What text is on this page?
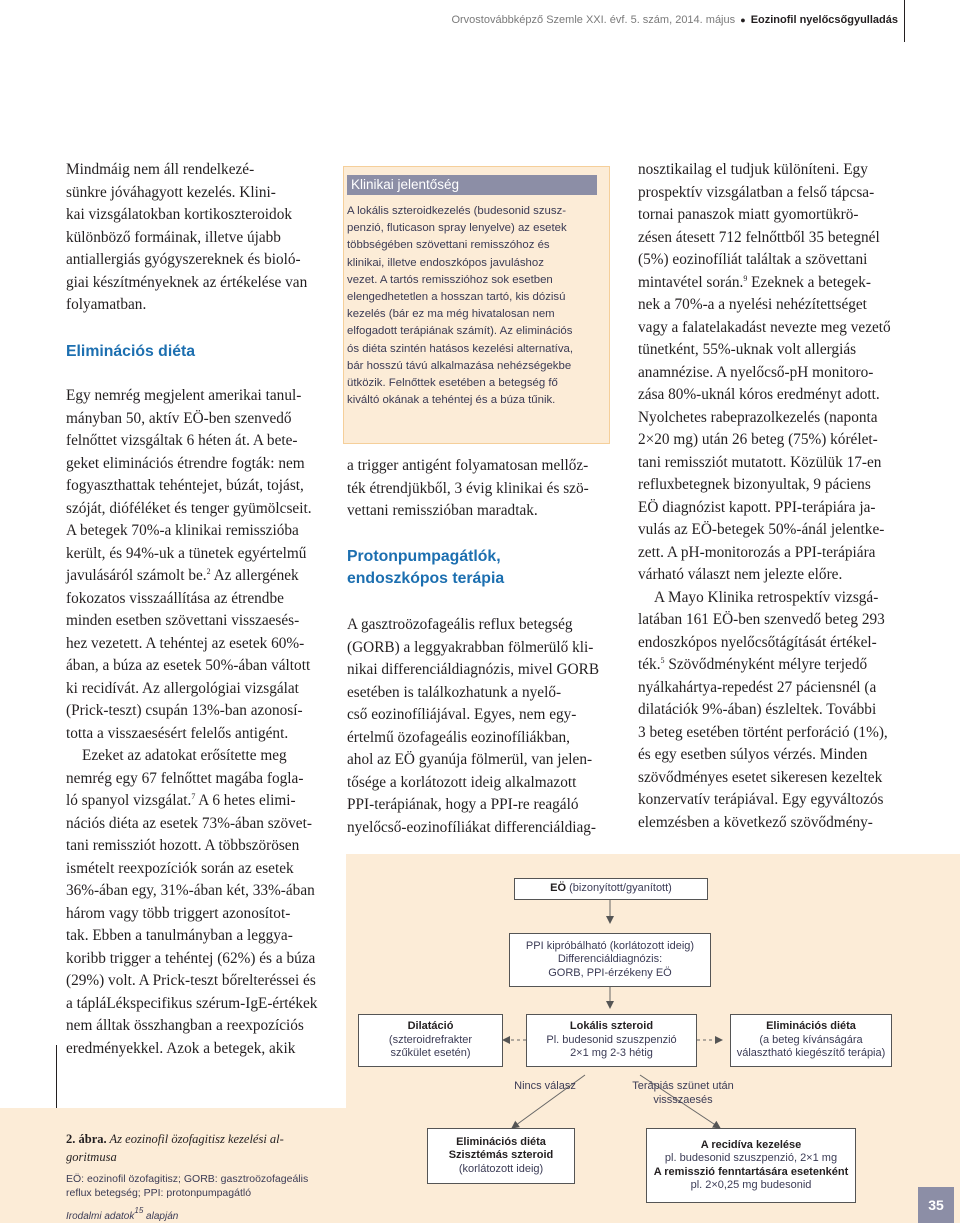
Orvostovábbképző Szemle XXI. évf. 5. szám, 2014. május ● Eozinofil nyelőcsőgyulladás
Mindmáig nem áll rendelkezé-
sünkre jóváhagyott kezelés. Klini-
kai vizsgálatokban kortikoszteroidok
különböző formáinak, illetve újabb
antiallergiás gyógyszereknek és bioló-
giai készítményeknek az értékelése van
folyamatban.
Eliminációs diéta
Egy nemrég megjelent amerikai tanul-
mányban 50, aktív EÖ-ben szenvedő
felnőttet vizsgáltak 6 héten át. A bete-
geket eliminációs étrendre fogták: nem
fogyaszthattak tehéntejet, búzát, tojást,
szóját, dióféléket és tenger gyümölcseit.
A betegek 70%-a klinikai remisszióba
került, és 94%-uk a tünetek egyértelmű
javulásáról számolt be.$^2$ Az allergének
fokozatos visszaállítása az étrendbe
minden esetben szövettani visszaesés-
hez vezetett. A tehéntej az esetek 60%-
ában, a búza az esetek 50%-ában váltott
ki recidívát. Az allergológiai vizsgálat
(Prick-teszt) csupán 13%-ban azonosí-
totta a visszaesésért felelős antigént.
Ezeket az adatokat erősítette meg
nemrég egy 67 felnőttet magába fogla-
ló spanyol vizsgálat.$^7$ A 6 hetes elimi-
nációs diéta az esetek 73%-ában szövet-
tani remissziót hozott. A többszörösen
ismételt reexpozíciók során az esetek
36%-ában egy, 31%-ában két, 33%-ában
három vagy több triggert azonosítot-
tak. Ebben a tanulmányban a leggya-
koribb trigger a tehéntej (62%) és a búza
(29%) volt. A Prick-teszt bőrelteréssei és
a tápláLékspecifikus szérum-IgE-értékek
nem álltak összhangban a reexpozíciós
eredményekkel. Azok a betegek, akik
Klinikai jelentőség
A lokális szteroidkezelés (budesonid szusz-
penzió, fluticason spray lenyelve) az esetek
többségében szövettani remisszóhoz és
klinikai, illetve endoszkópos javuláshoz
vezet. A tartós remisszióhoz sok esetben
elengedhetetlen a hosszan tartó, kis dózisú
kezelés (bár ez ma még hivatalosan nem
elfogadott terápiának számít). Az eliminációs
ós diéta szintén hatásos kezelési alternatíva,
bár hosszú távú alkalmazása nehézségekbe
ütközik. Felnőttek esetében a betegség fő
kiváltó okának a tehéntej és a búza tűnik.
a trigger antigént folyamatosan mellőz-
ték étrendjükből, 3 évig klinikai és szö-
vettani remisszióban maradtak.
Protonpumpagátlók,
endoszkópos terápia
A gasztroözofageális reflux betegség
(GORB) a leggyakrabban fölmerülő kli-
nikai differenciáldiagnózis, mivel GORB
esetében is találkozhatunk a nyelő-
cső eozinofíliájával. Egyes, nem egy-
értelmű özofageális eozinofíliákban,
ahol az EÖ gyanúja fölmerül, van jelen-
tősége a korlátozott ideig alkalmazott
PPI-terápiának, hogy a PPI-re reagáló
nyelőcső-eozinofíliákat differenciáldiag-
nosztikailag el tudjuk különíteni. Egy
prospektív vizsgálatban a felső tápcsa-
tornai panaszok miatt gyomortükrö-
zésen átesett 712 felnőttből 35 betegnél
(5%) eozinofíliát találtak a szövettani
mintavétel során.$^9$ Ezeknek a betegek-
nek a 70%-a a nyelési nehézítettséget
vagy a falatelakadást nevezte meg vezető
tünetként, 55%-uknak volt allergiás
anamnézise. A nyelőcső-pH monitoro-
zása 80%-uknál kóros eredményt adott.
Nyolchetes rabeprazolkezelés (naponta
2×20 mg) után 26 beteg (75%) kórélet-
tani remissziót mutatott. Közülük 17-en
refluxbetegnek bizonyultak, 9 páciens
EÖ diagnózist kapott. PPI-terápiára ja-
vulás az EÖ-betegek 50%-ánál jelentke-
zett. A pH-monitorozás a PPI-terápiára
várható választ nem jelezte előre.
A Mayo Klinika retrospektív vizsgá-
latában 161 EÖ-ben szenvedő beteg 293
endoszkópos nyelőcsőtágítását értékel-
ték.$^5$ Szövődményként mélyre terjedő
nyálkahártya-repedést 27 páciensnél (a
dilatációk 9%-ában) észleltek. További
3 beteg esetében történt perforáció (1%),
és egy esetben súlyos vérzés. Minden
szövődményes esetet sikeresen kezeltek
konzervatív terápiával. Egy egyváltozós
elemzésben a következő szövődmény-
EÖ (bizonyított/gyanított)
PPI kipróbálható (korlátozott ideig)
Differenciáldiagnózis:
GORB, PPI-érzékeny EÖ
Dilatáció
(szteroidrefrakter
szűkület esetén)
Lokális szteroid
Pl. budesonid szuszpenzió
2×1 mg 2-3 hétig
Eliminációs diéta
(a beteg kívánságára
választható kiegészítő terápia)
Nincs válasz	Terápiás szünet után
vissszaesés
Eliminációs diéta
Szisztémás szteroid
(korlátozott ideig)
A recidíva kezelése
pl. budesonid szuszpenzió, 2×1 mg
A remisszió fenntartására esetenként
pl. 2×0,25 mg budesonid
2. ábra. Az eozinofil özofagitisz kezelési al-
goritmusa
EÖ: eozinofil özofagitisz; GORB: gasztroözofageális
reflux betegség; PPI: protonpumpagátló
Irodalmi adatok$^{15}$ alapján
35
